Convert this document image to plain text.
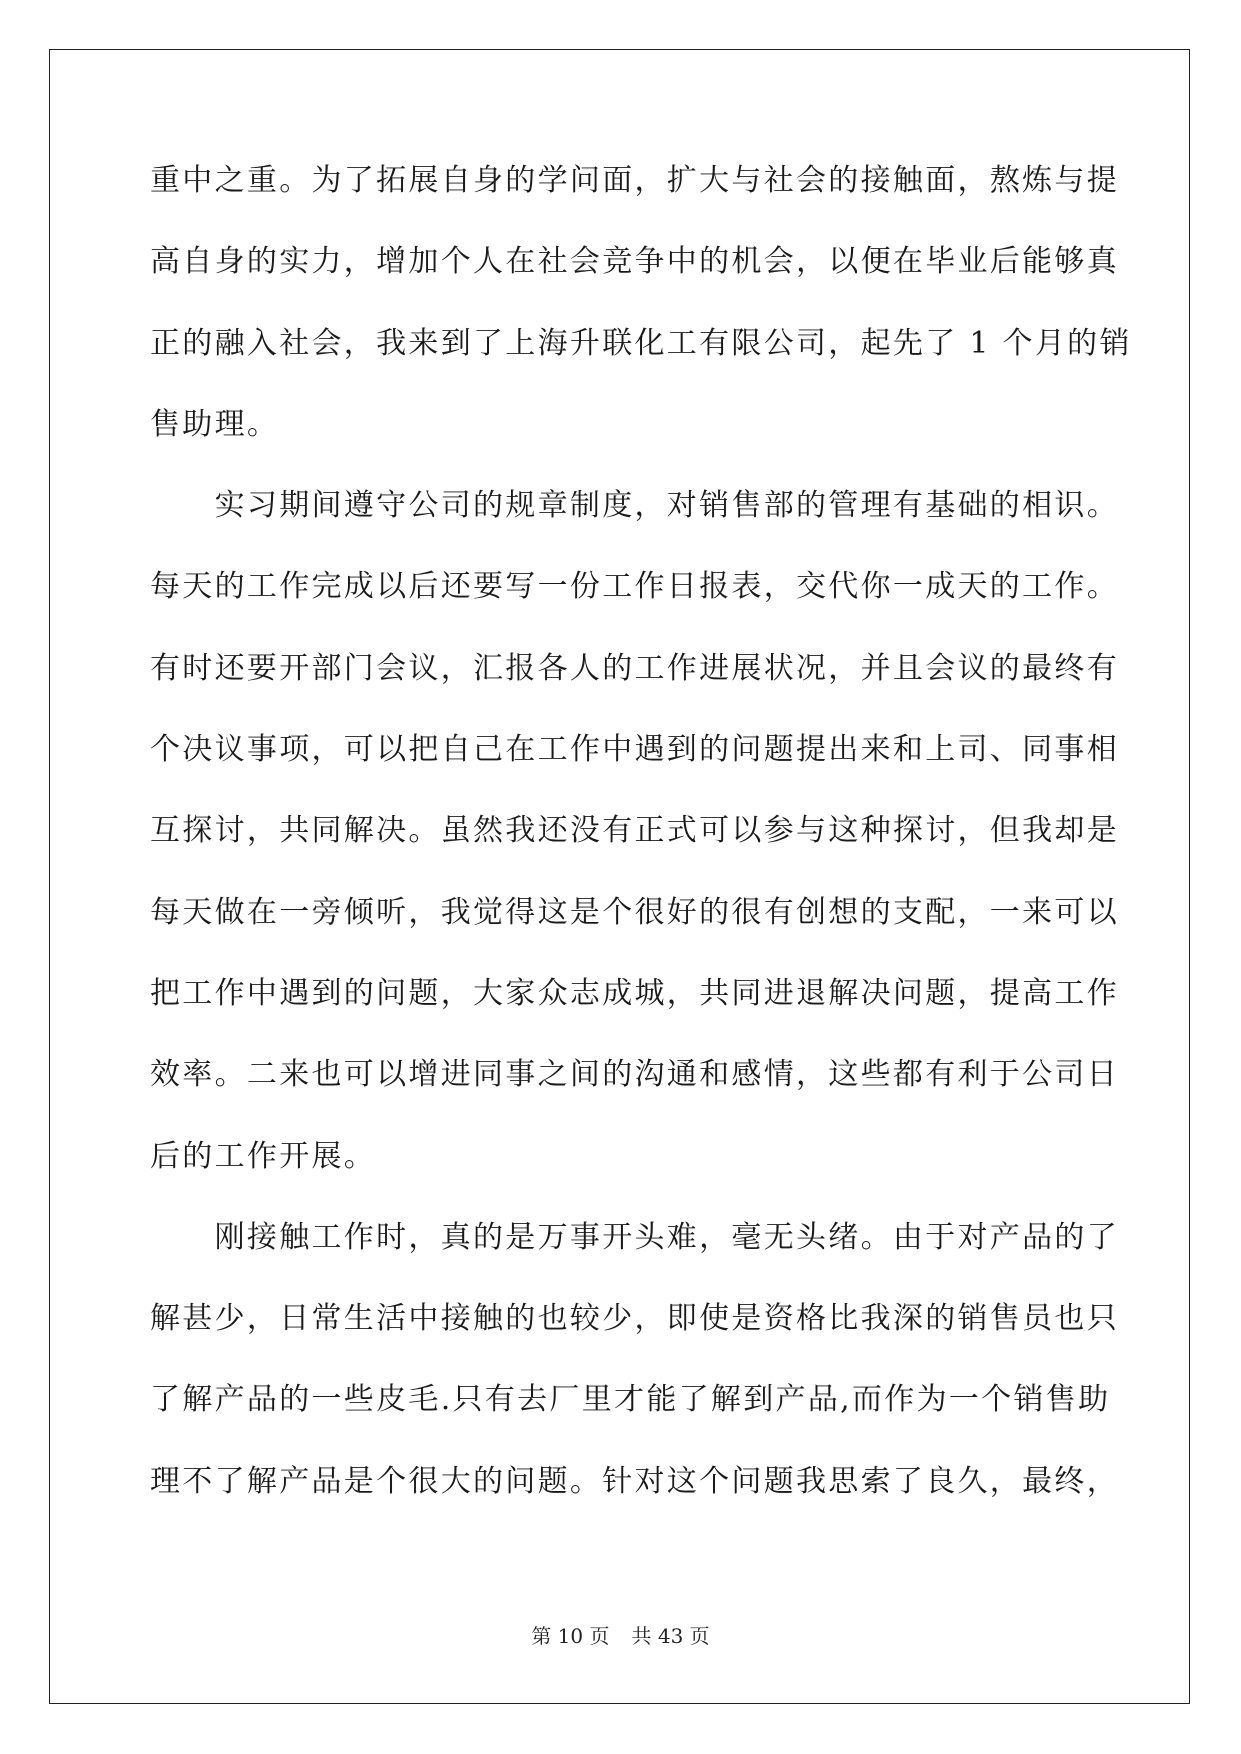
重中之重。为了拓展自身的学问面，扩大与社会的接触面，熬炼与提
高自身的实力，增加个人在社会竞争中的机会，以便在毕业后能够真
正的融入社会，我来到了上海升联化工有限公司，起先了 1 个月的销
售助理。
　　实习期间遵守公司的规章制度，对销售部的管理有基础的相识。
每天的工作完成以后还要写一份工作日报表，交代你一成天的工作。
有时还要开部门会议，汇报各人的工作进展状况，并且会议的最终有
个决议事项，可以把自己在工作中遇到的问题提出来和上司、同事相
互探讨，共同解决。虽然我还没有正式可以参与这种探讨，但我却是
每天做在一旁倾听，我觉得这是个很好的很有创想的支配，一来可以
把工作中遇到的问题，大家众志成城，共同进退解决问题，提高工作
效率。二来也可以增进同事之间的沟通和感情，这些都有利于公司日
后的工作开展。
　　刚接触工作时，真的是万事开头难，毫无头绪。由于对产品的了
解甚少，日常生活中接触的也较少，即使是资格比我深的销售员也只
了解产品的一些皮毛.只有去厂里才能了解到产品,而作为一个销售助
理不了解产品是个很大的问题。针对这个问题我思索了良久，最终，
第 10 页 共 43 页
